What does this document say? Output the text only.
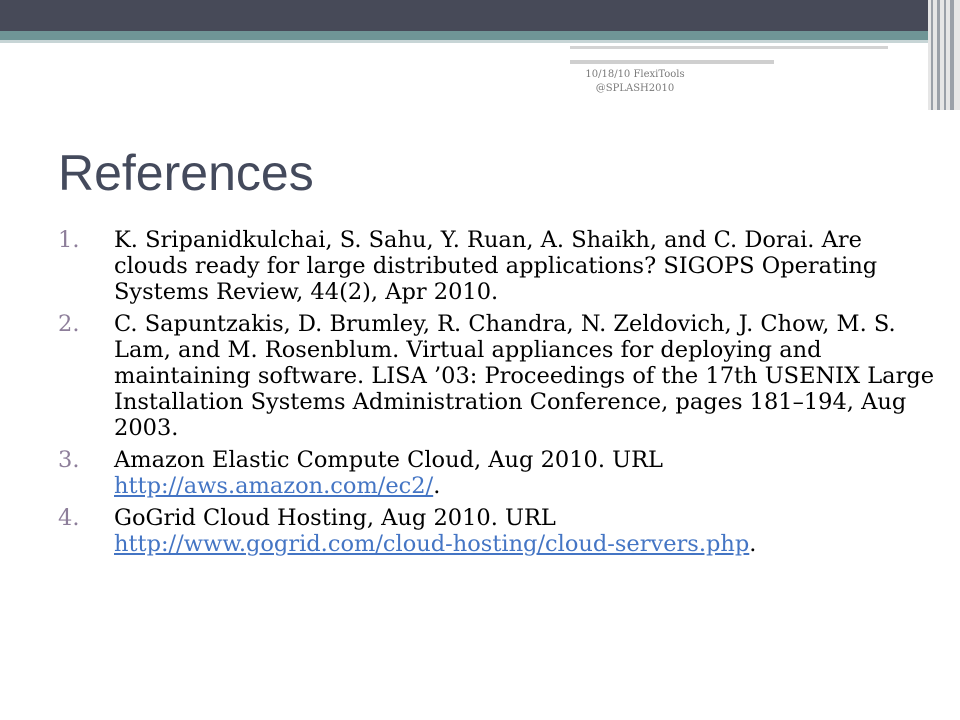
10/18/10 FlexiTools
@SPLASH2010
References
1.	K. Sripanidkulchai, S. Sahu, Y. Ruan, A. Shaikh, and C. Dorai. Are clouds ready for large distributed applications? SIGOPS Operating Systems Review, 44(2), Apr 2010.
2.	C. Sapuntzakis, D. Brumley, R. Chandra, N. Zeldovich, J. Chow, M. S. Lam, and M. Rosenblum. Virtual appliances for deploying and maintaining software. LISA ’03: Proceedings of the 17th USENIX Large Installation Systems Administration Conference, pages 181–194, Aug 2003.
3.	Amazon Elastic Compute Cloud, Aug 2010. URL http://aws.amazon.com/ec2/.
4.	GoGrid Cloud Hosting, Aug 2010. URL http://www.gogrid.com/cloud-hosting/cloud-servers.php.
